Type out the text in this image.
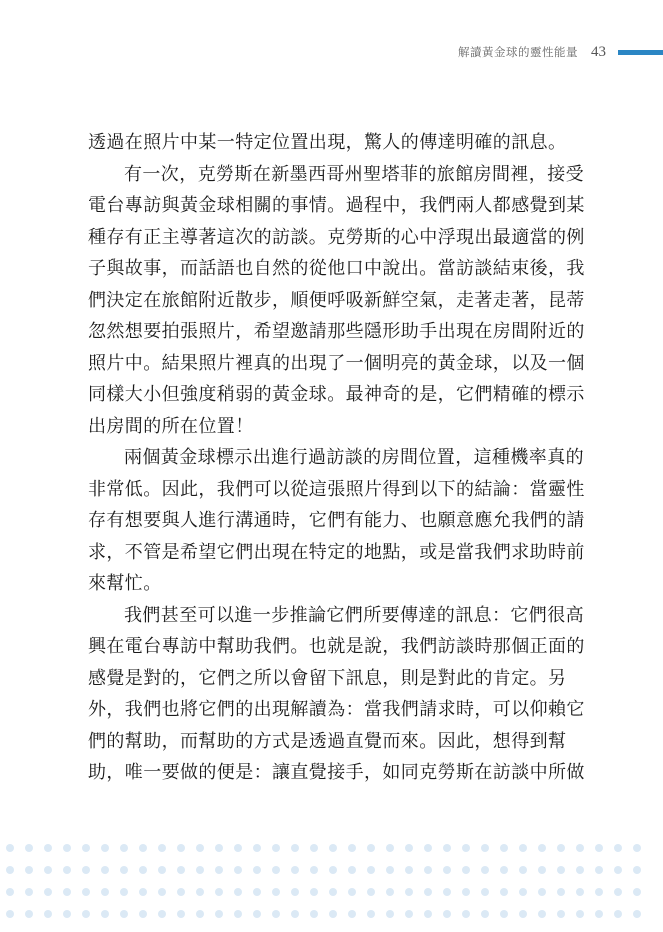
解讀黃金球的靈性能量 43
透過在照片中某一特定位置出現，驚人的傳達明確的訊息。
有一次，克勞斯在新墨西哥州聖塔菲的旅館房間裡，接受
電台專訪與黃金球相關的事情。過程中，我們兩人都感覺到某
種存有正主導著這次的訪談。克勞斯的心中浮現出最適當的例
子與故事，而話語也自然的從他口中說出。當訪談結束後，我
們決定在旅館附近散步，順便呼吸新鮮空氣，走著走著，昆蒂
忽然想要拍張照片，希望邀請那些隱形助手出現在房間附近的
照片中。結果照片裡真的出現了一個明亮的黃金球，以及一個
同樣大小但強度稍弱的黃金球。最神奇的是，它們精確的標示
出房間的所在位置！
兩個黃金球標示出進行過訪談的房間位置，這種機率真的
非常低。因此，我們可以從這張照片得到以下的結論：當靈性
存有想要與人進行溝通時，它們有能力、也願意應允我們的請
求，不管是希望它們出現在特定的地點，或是當我們求助時前
來幫忙。
我們甚至可以進一步推論它們所要傳達的訊息：它們很高
興在電台專訪中幫助我們。也就是說，我們訪談時那個正面的
感覺是對的，它們之所以會留下訊息，則是對此的肯定。另
外，我們也將它們的出現解讀為：當我們請求時，可以仰賴它
們的幫助，而幫助的方式是透過直覺而來。因此，想得到幫
助，唯一要做的便是：讓直覺接手，如同克勞斯在訪談中所做
